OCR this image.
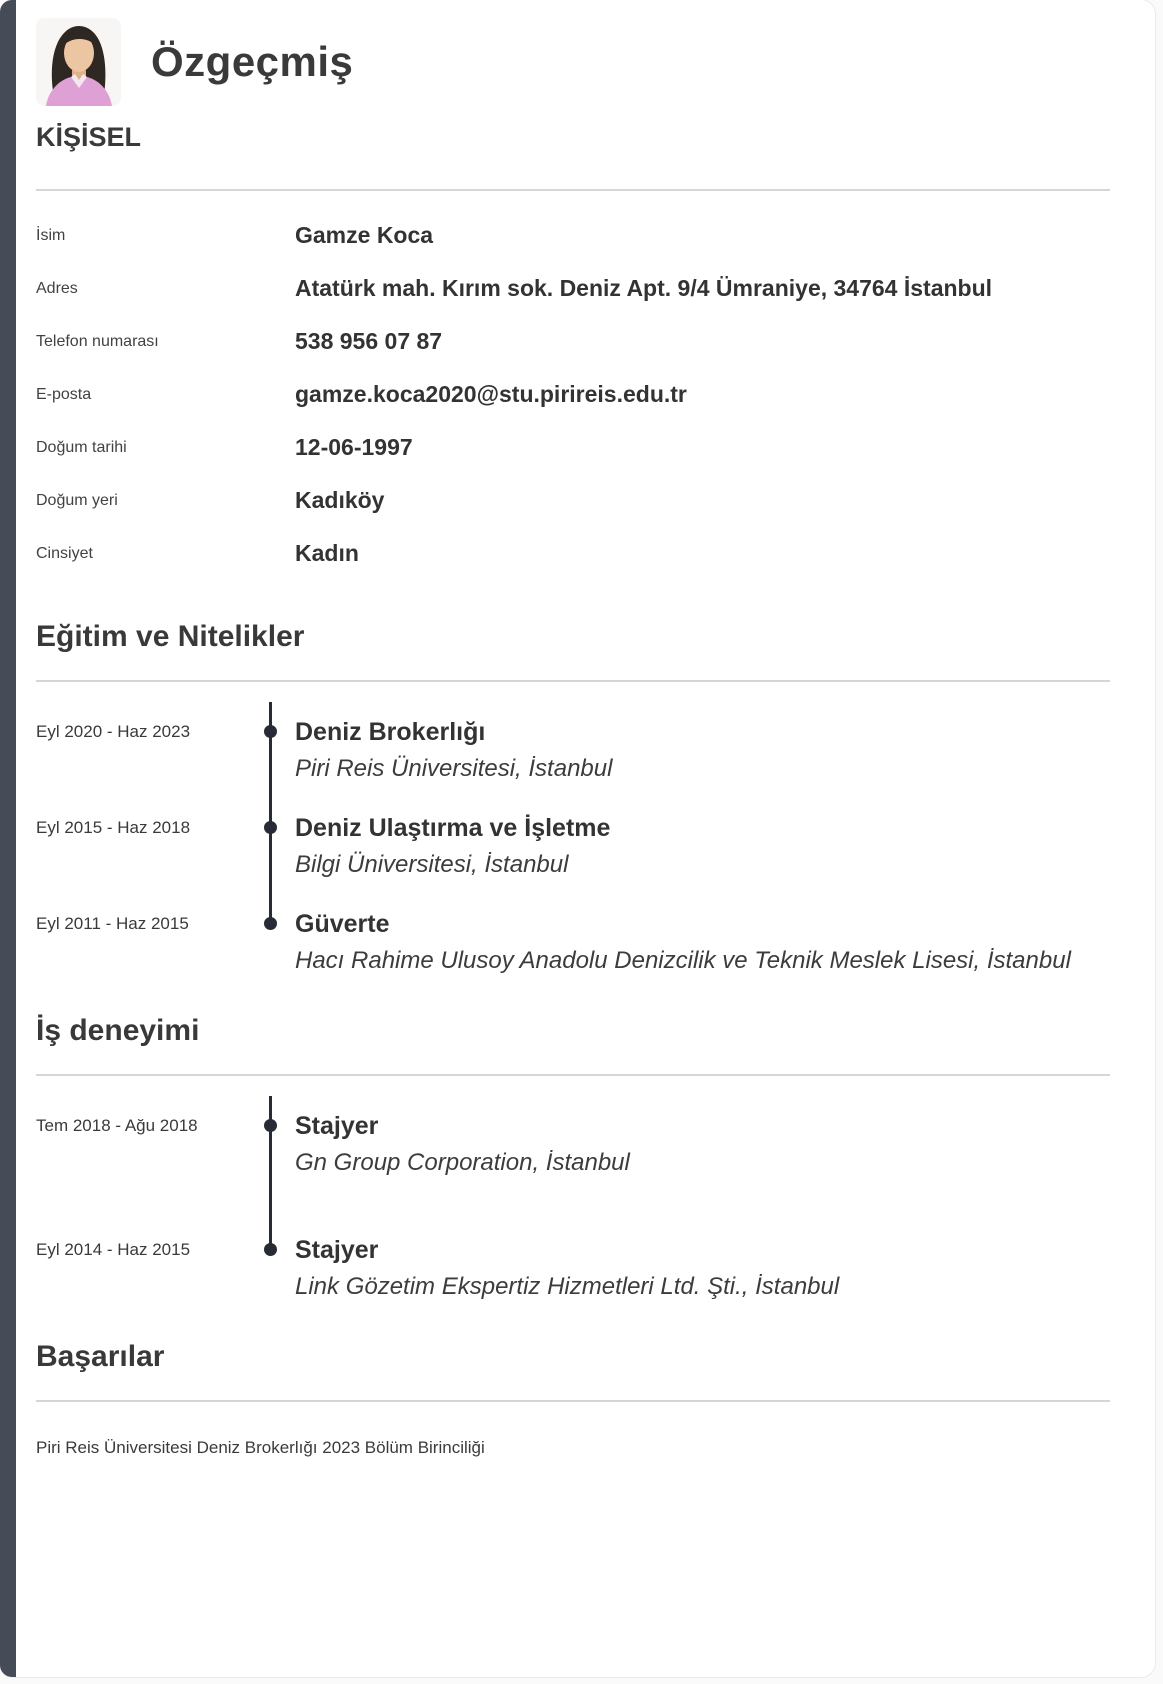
Özgeçmiş
KİŞİSEL
İsim	Gamze Koca
Adres	Atatürk mah. Kırım sok. Deniz Apt. 9/4 Ümraniye, 34764 İstanbul
Telefon numarası	538 956 07 87
E-posta	gamze.koca2020@stu.pirireis.edu.tr
Doğum tarihi	12-06-1997
Doğum yeri	Kadıköy
Cinsiyet	Kadın
Eğitim ve Nitelikler
Eyl 2020 - Haz 2023	Deniz Brokerlığı
Piri Reis Üniversitesi, İstanbul
Eyl 2015 - Haz 2018	Deniz Ulaştırma ve İşletme
Bilgi Üniversitesi, İstanbul
Eyl 2011 - Haz 2015	Güverte
Hacı Rahime Ulusoy Anadolu Denizcilik ve Teknik Meslek Lisesi, İstanbul
İş deneyimi
Tem 2018 - Ağu 2018	Stajyer
Gn Group Corporation, İstanbul
Eyl 2014 - Haz 2015	Stajyer
Link Gözetim Ekspertiz Hizmetleri Ltd. Şti., İstanbul
Başarılar
Piri Reis Üniversitesi Deniz Brokerlığı 2023 Bölüm Birinciliği
